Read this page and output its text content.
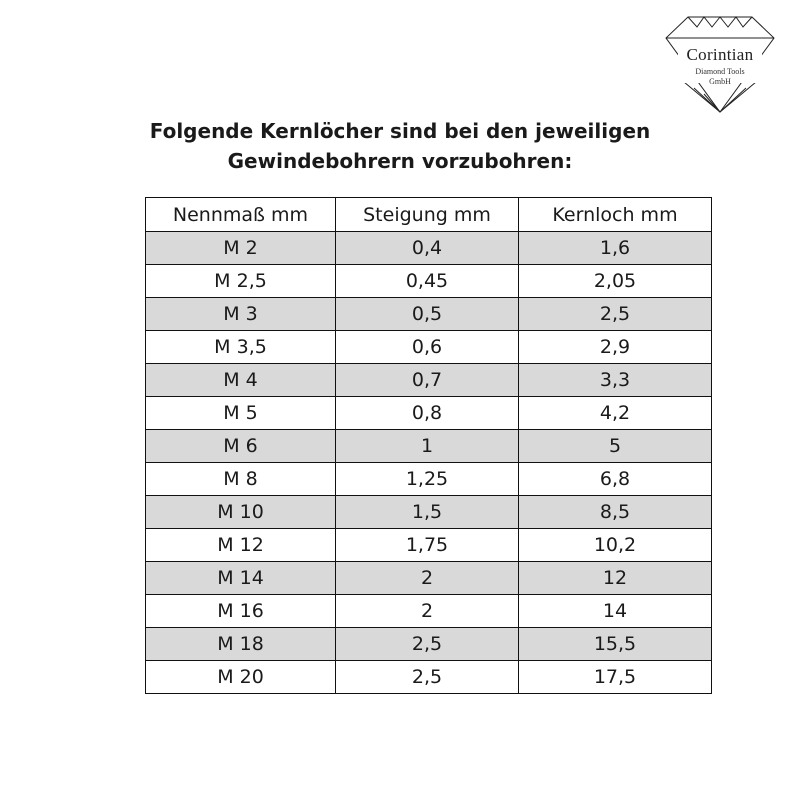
Corintian
Diamond Tools
GmbH
Folgende Kernlöcher sind bei den jeweiligen
Gewindebohrern vorzubohren:
Nennmaß mm	Steigung mm	Kernloch mm
M 2	0,4	1,6
M 2,5	0,45	2,05
M 3	0,5	2,5
M 3,5	0,6	2,9
M 4	0,7	3,3
M 5	0,8	4,2
M 6	1	5
M 8	1,25	6,8
M 10	1,5	8,5
M 12	1,75	10,2
M 14	2	12
M 16	2	14
M 18	2,5	15,5
M 20	2,5	17,5
